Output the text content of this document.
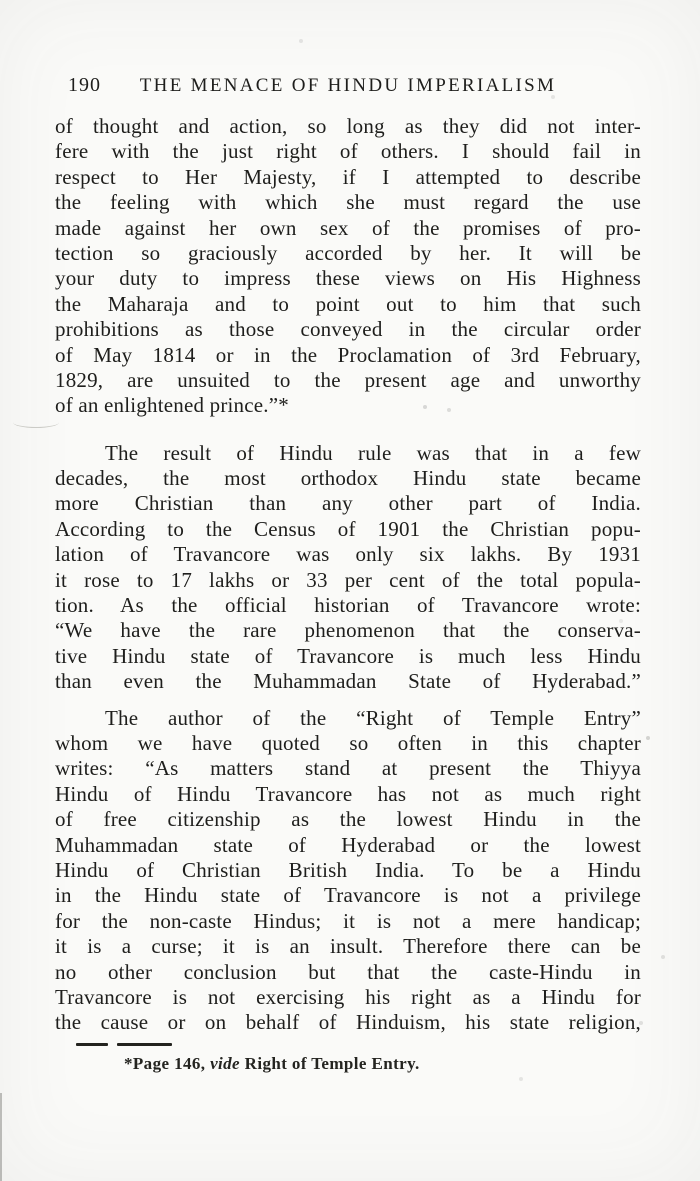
190	THE MENACE OF HINDU IMPERIALISM
of thought and action, so long as they did not inter-
fere with the just right of others. I should fail in
respect to Her Majesty, if I attempted to describe
the feeling with which she must regard the use
made against her own sex of the promises of pro-
tection so graciously accorded by her. It will be
your duty to impress these views on His Highness
the Maharaja and to point out to him that such
prohibitions as those conveyed in the circular order
of May 1814 or in the Proclamation of 3rd February,
1829, are unsuited to the present age and unworthy
of an enlightened prince.”*
The result of Hindu rule was that in a few
decades, the most orthodox Hindu state became
more Christian than any other part of India.
According to the Census of 1901 the Christian popu-
lation of Travancore was only six lakhs. By 1931
it rose to 17 lakhs or 33 per cent of the total popula-
tion. As the official historian of Travancore wrote:
“We have the rare phenomenon that the conserva-
tive Hindu state of Travancore is much less Hindu
than even the Muhammadan State of Hyderabad.”
The author of the “Right of Temple Entry”
whom we have quoted so often in this chapter
writes: “As matters stand at present the Thiyya
Hindu of Hindu Travancore has not as much right
of free citizenship as the lowest Hindu in the
Muhammadan state of Hyderabad or the lowest
Hindu of Christian British India. To be a Hindu
in the Hindu state of Travancore is not a privilege
for the non-caste Hindus; it is not a mere handicap;
it is a curse; it is an insult. Therefore there can be
no other conclusion but that the caste-Hindu in
Travancore is not exercising his right as a Hindu for
the cause or on behalf of Hinduism, his state religion,
*Page 146, vide Right of Temple Entry.
